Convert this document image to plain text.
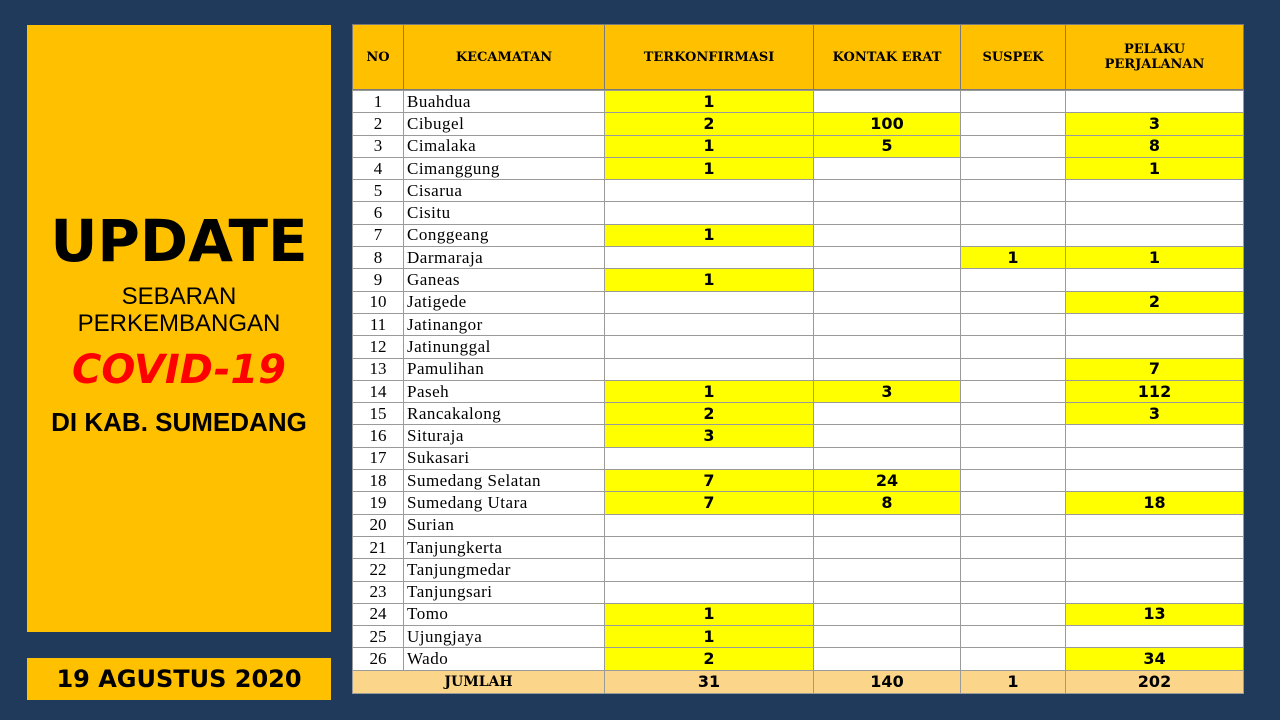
UPDATE
SEBARAN
PERKEMBANGAN
COVID-19
DI KAB. SUMEDANG
19 AGUSTUS 2020
NO	KECAMATAN	TERKONFIRMASI	KONTAK ERAT	SUSPEK	PELAKU
PERJALANAN

1	Buahdua	1			
2	Cibugel	2	100		3
3	Cimalaka	1	5		8
4	Cimanggung	1			1
5	Cisarua				
6	Cisitu				
7	Conggeang	1			
8	Darmaraja			1	1
9	Ganeas	1			
10	Jatigede				2
11	Jatinangor				
12	Jatinunggal				
13	Pamulihan				7
14	Paseh	1	3		112
15	Rancakalong	2			3
16	Situraja	3			
17	Sukasari				
18	Sumedang Selatan	7	24		
19	Sumedang Utara	7	8		18
20	Surian				
21	Tanjungkerta				
22	Tanjungmedar				
23	Tanjungsari				
24	Tomo	1			13
25	Ujungjaya	1			
26	Wado	2			34
JUMLAH		31	140	1	202
